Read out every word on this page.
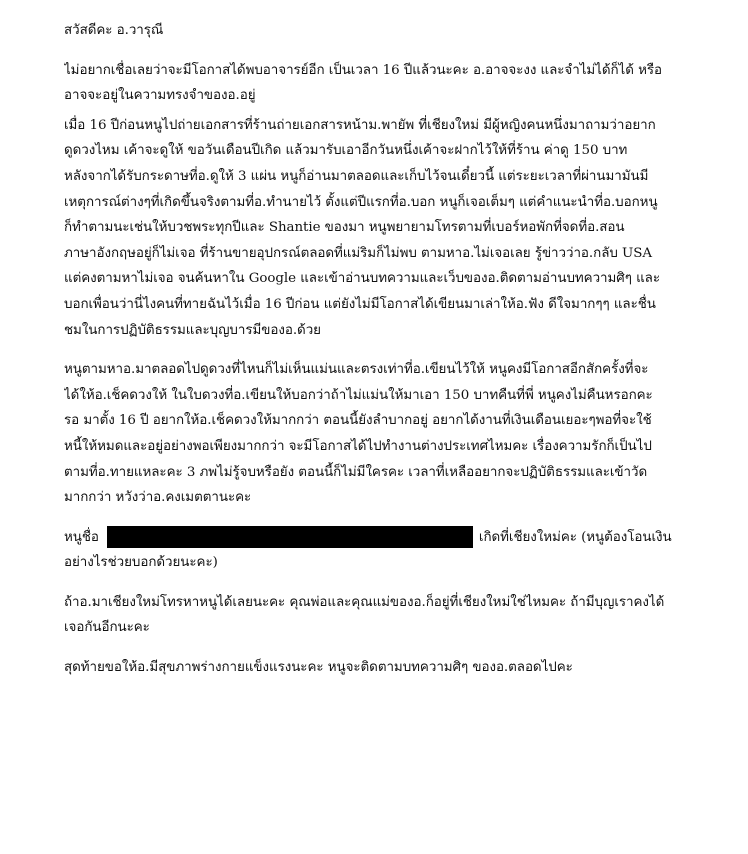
สวัสดีคะ อ.วารุณี
ไม่อยากเชื่อเลยว่าจะมีโอกาสได้พบอาจารย์อีก เป็นเวลา 16 ปีแล้วนะคะ อ.อาจจะงง และจำไม่ได้ก็ได้ หรือ
อาจจะอยู่ในความทรงจำของอ.อยู่
เมื่อ 16 ปีก่อนหนูไปถ่ายเอกสารที่ร้านถ่ายเอกสารหน้าม.พายัพ ที่เชียงใหม่ มีผู้หญิงคนหนึ่งมาถามว่าอยาก
ดูดวงไหม เค้าจะดูให้ ขอวันเดือนปีเกิด แล้วมารับเอาอีกวันหนึ่งเค้าจะฝากไว้ให้ที่ร้าน ค่าดู 150 บาท
หลังจากได้รับกระดาษที่อ.ดูให้ 3 แผ่น หนูก็อ่านมาตลอดและเก็บไว้จนเดี๋ยวนี้ แต่ระยะเวลาที่ผ่านมามันมี
เหตุการณ์ต่างๆที่เกิดขึ้นจริงตามที่อ.ทำนายไว้ ตั้งแต่ปีแรกที่อ.บอก หนูก็เจอเต็มๆ แต่คำแนะนำที่อ.บอกหนู
ก็ทำตามนะเช่นให้บวชพระทุกปีและ Shantie ของมา หนูพยายามโทรตามที่เบอร์หอพักที่จดที่อ.สอน
ภาษาอังกฤษอยู่ก็ไม่เจอ ที่ร้านขายอุปกรณ์ตลอดที่แม่ริมก็ไม่พบ ตามหาอ.ไม่เจอเลย รู้ข่าวว่าอ.กลับ USA
แต่คงตามหาไม่เจอ จนค้นหาใน Google และเข้าอ่านบทความและเว็บของอ.ติดตามอ่านบทความศิๆ และ
บอกเพื่อนว่านี่ไงคนที่ทายฉันไว้เมื่อ 16 ปีก่อน แต่ยังไม่มีโอกาสได้เขียนมาเล่าให้อ.ฟัง ดีใจมากๆๆ และชื่น
ชมในการปฏิบัติธรรมและบุญบารมีของอ.ด้วย
หนูตามหาอ.มาตลอดไปดูดวงที่ไหนก็ไม่เห็นแม่นและตรงเท่าที่อ.เขียนไว้ให้ หนูคงมีโอกาสอีกสักครั้งที่จะ
ได้ให้อ.เช็คดวงให้ ในใบดวงที่อ.เขียนให้บอกว่าถ้าไม่แม่นให้มาเอา 150 บาทคืนที่พี่ หนูคงไม่คืนหรอกคะ
รอ มาตั้ง 16 ปี อยากให้อ.เช็คดวงให้มากกว่า ตอนนี้ยังลำบากอยู่ อยากได้งานที่เงินเดือนเยอะๆพอที่จะใช้
หนี้ให้หมดและอยู่อย่างพอเพียงมากกว่า จะมีโอกาสได้ไปทำงานต่างประเทศไหมคะ เรื่องความรักก็เป็นไป
ตามที่อ.ทายแหละคะ 3 ภพไม่รู้จบหรือยัง ตอนนี้ก็ไม่มีใครคะ เวลาที่เหลืออยากจะปฏิบัติธรรมและเข้าวัด
มากกว่า หวังว่าอ.คงเมตตานะคะ
หนูชื่อ	เกิดที่เชียงใหม่คะ (หนูต้องโอนเงิน
อย่างไรช่วยบอกด้วยนะคะ)
ถ้าอ.มาเชียงใหม่โทรหาหนูได้เลยนะคะ คุณพ่อและคุณแม่ของอ.ก็อยู่ที่เชียงใหม่ใช่ไหมคะ ถ้ามีบุญเราคงได้
เจอกันอีกนะคะ
สุดท้ายขอให้อ.มีสุขภาพร่างกายแข็งแรงนะคะ หนูจะติดตามบทความศิๆ ของอ.ตลอดไปคะ
